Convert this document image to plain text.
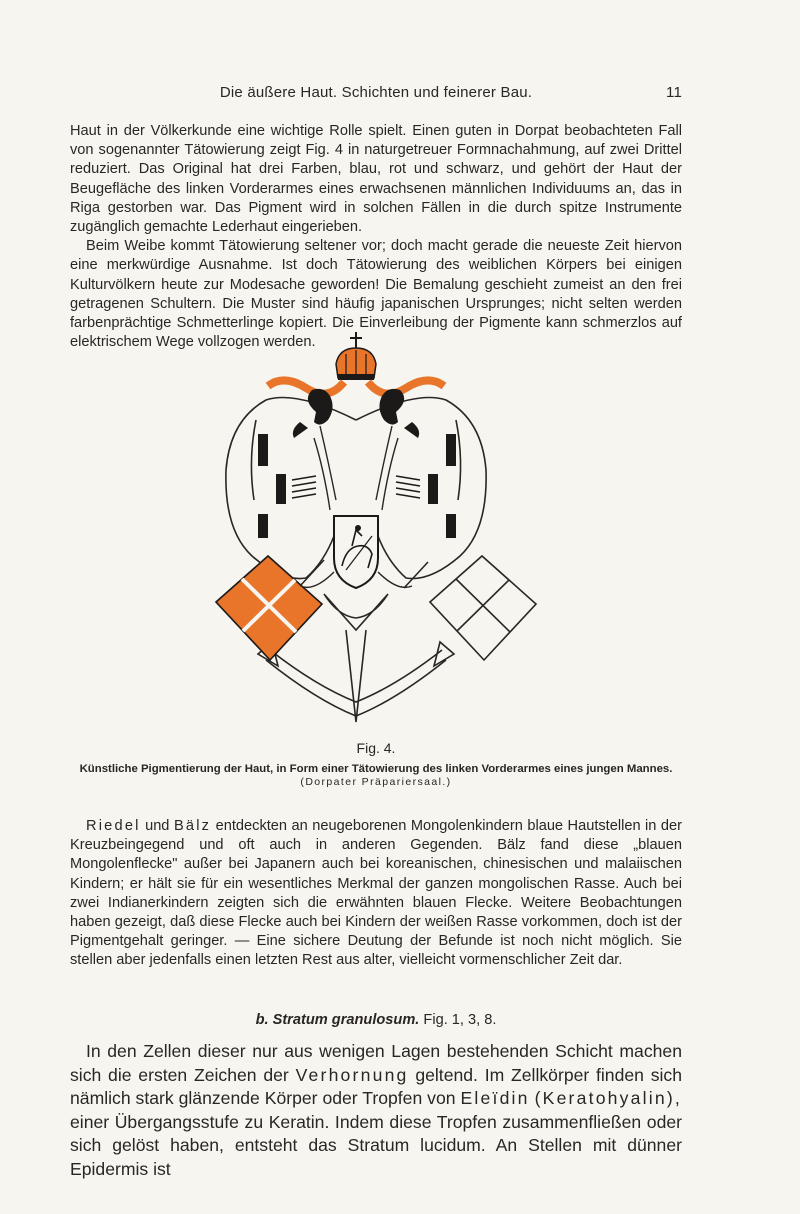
Die äußere Haut. Schichten und feinerer Bau.	11

Haut in der Völkerkunde eine wichtige Rolle spielt. Einen guten in Dorpat beobachteten Fall von sogenannter Tätowierung zeigt Fig. 4 in naturgetreuer Formnachahmung, auf zwei Drittel reduziert. Das Original hat drei Farben, blau, rot und schwarz, und gehört der Haut der Beugefläche des linken Vorderarmes eines erwachsenen männlichen Individuums an, das in Riga gestorben war. Das Pigment wird in solchen Fällen in die durch spitze Instrumente zugänglich gemachte Lederhaut eingerieben.

Beim Weibe kommt Tätowierung seltener vor; doch macht gerade die neueste Zeit hiervon eine merkwürdige Ausnahme. Ist doch Tätowierung des weiblichen Körpers bei einigen Kulturvölkern heute zur Modesache geworden! Die Bemalung geschieht zumeist an den frei getragenen Schultern. Die Muster sind häufig japanischen Ursprunges; nicht selten werden farbenprächtige Schmetterlinge kopiert. Die Einverleibung der Pigmente kann schmerzlos auf elektrischem Wege vollzogen werden.

Fig. 4.
Künstliche Pigmentierung der Haut, in Form einer Tätowierung des linken Vorderarmes eines jungen Mannes.
(Dorpater Präpariersaal.)

Riedel und Bälz entdeckten an neugeborenen Mongolenkindern blaue Hautstellen in der Kreuzbeingegend und oft auch in anderen Gegenden. Bälz fand diese „blauen Mongolenflecke" außer bei Japanern auch bei koreanischen, chinesischen und malaiischen Kindern; er hält sie für ein wesentliches Merkmal der ganzen mongolischen Rasse. Auch bei zwei Indianerkindern zeigten sich die erwähnten blauen Flecke. Weitere Beobachtungen haben gezeigt, daß diese Flecke auch bei Kindern der weißen Rasse vorkommen, doch ist der Pigmentgehalt geringer. — Eine sichere Deutung der Befunde ist noch nicht möglich. Sie stellen aber jedenfalls einen letzten Rest aus alter, vielleicht vormenschlicher Zeit dar.

b. Stratum granulosum. Fig. 1, 3, 8.

In den Zellen dieser nur aus wenigen Lagen bestehenden Schicht machen sich die ersten Zeichen der Verhornung geltend. Im Zellkörper finden sich nämlich stark glänzende Körper oder Tropfen von Eleïdin (Keratohyalin), einer Übergangsstufe zu Keratin. Indem diese Tropfen zusammenfließen oder sich gelöst haben, entsteht das Stratum lucidum. An Stellen mit dünner Epidermis ist
